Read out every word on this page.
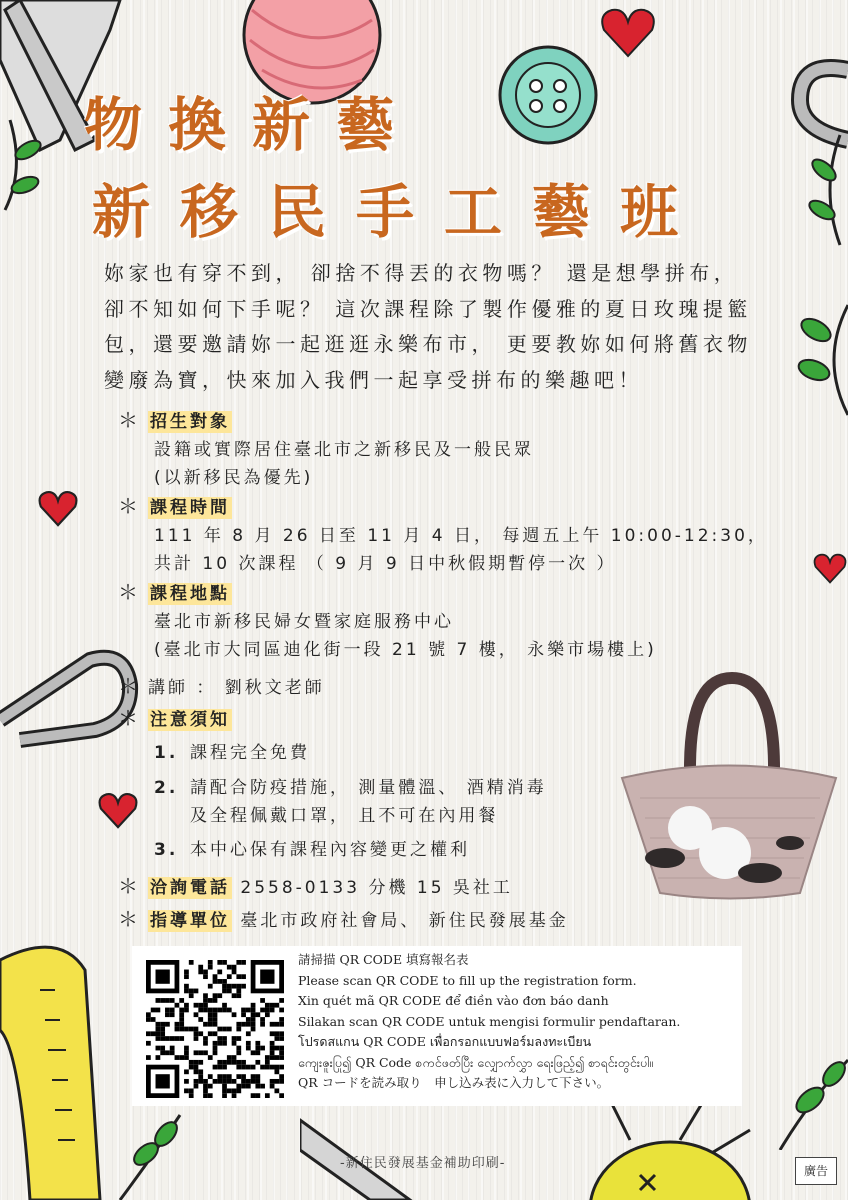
物換新藝
新移民手工藝班
妳家也有穿不到， 卻捨不得丟的衣物嗎？ 還是想學拼布， 卻不知如何下手呢？ 這次課程除了製作優雅的夏日玫瑰提籃包，還要邀請妳一起逛逛永樂布市， 更要教妳如何將舊衣物變廢為寶，快來加入我們一起享受拼布的樂趣吧！
＊ 招生對象
設籍或實際居住臺北市之新移民及一般民眾
(以新移民為優先)
＊ 課程時間
111 年 8 月 26 日至 11 月 4 日， 每週五上午 10:00-12:30，
共計 10 次課程 （ 9 月 9 日中秋假期暫停一次 ）
＊ 課程地點
臺北市新移民婦女暨家庭服務中心
(臺北市大同區迪化街一段 21 號 7 樓， 永樂市場樓上)
＊ 講師 ： 劉秋文老師
＊ 注意須知
1. 課程完全免費
2. 請配合防疫措施， 測量體溫、 酒精消毒
及全程佩戴口罩， 且不可在內用餐
3. 本中心保有課程內容變更之權利
＊ 洽詢電話 2558-0133 分機 15 吳社工
＊ 指導單位 臺北市政府社會局、 新住民發展基金
請掃描 QR CODE 填寫報名表
Please scan QR CODE to fill up the registration form.
Xin quét mã QR CODE để điền vào đơn báo danh
Silakan scan QR CODE untuk mengisi formulir pendaftaran.
โปรดสแกน QR CODE เพื่อกรอกแบบฟอร์มลงทะเบียน
ကျေးဇူးပြု၍ QR Code စကင်ဖတ်ပြီး လျှောက်လွှာ ရေးဖြည့်၍ စာရင်းတွင်းပါ။
QR コードを読み取り　申し込み表に入力して下さい。
-新住民發展基金補助印刷-	廣告
